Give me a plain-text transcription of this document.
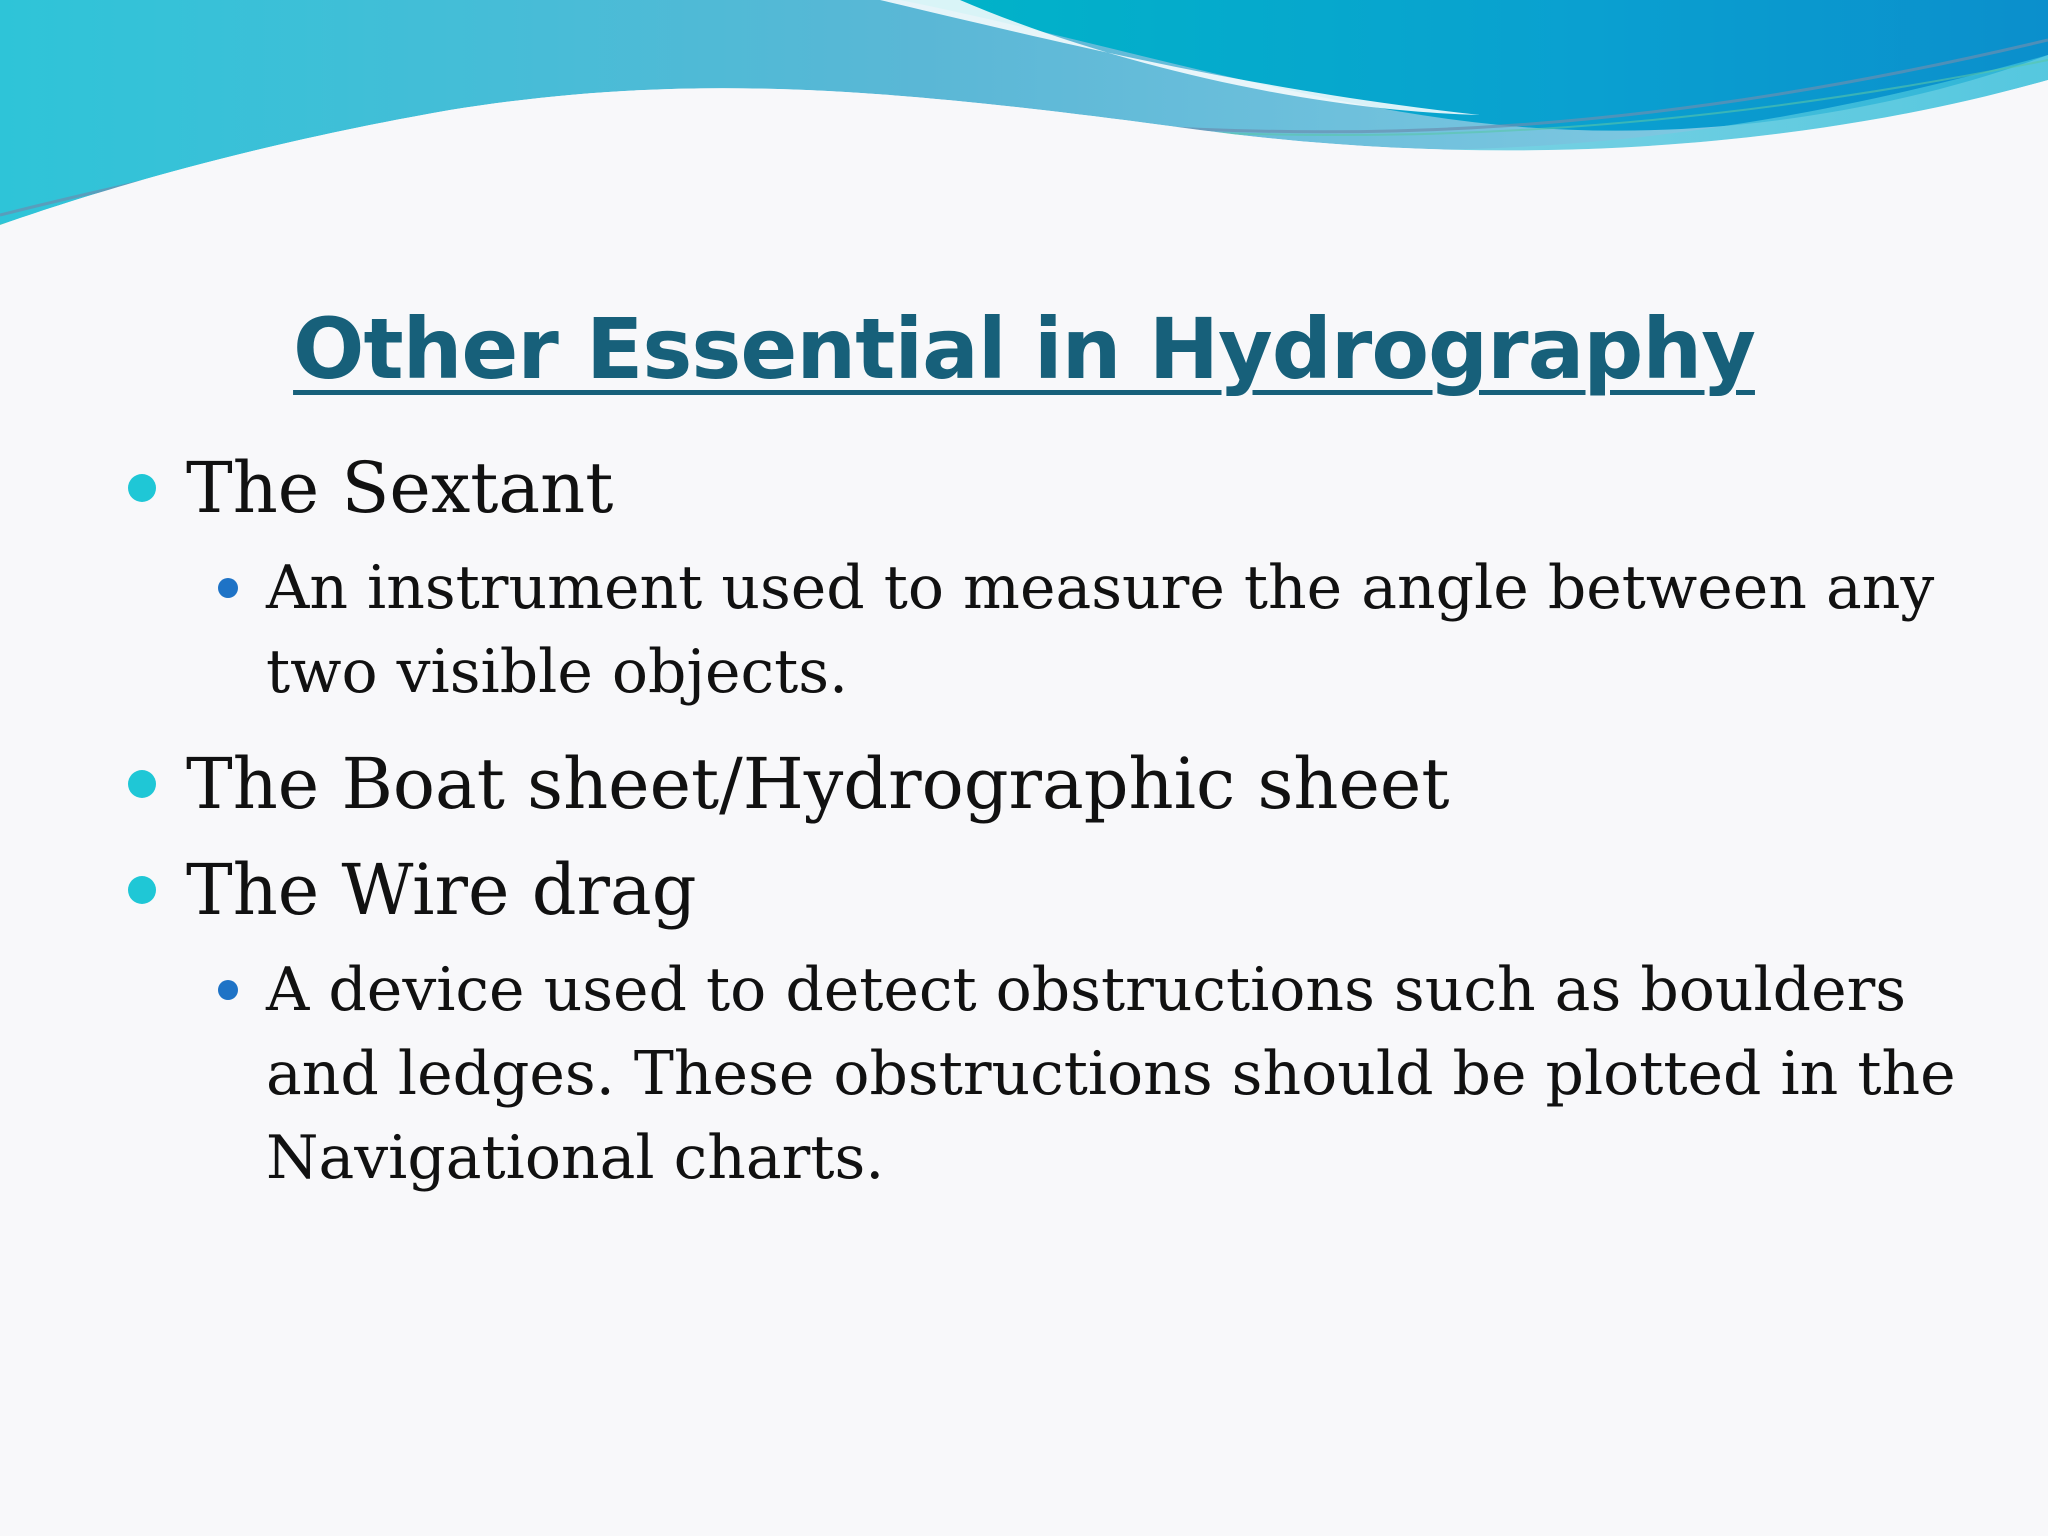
Other Essential in Hydrography
The Sextant
An instrument used to measure the angle between any two visible objects.
The Boat sheet/Hydrographic sheet
The Wire drag
A device used to detect obstructions such as boulders and ledges. These obstructions should be plotted in the Navigational charts.
